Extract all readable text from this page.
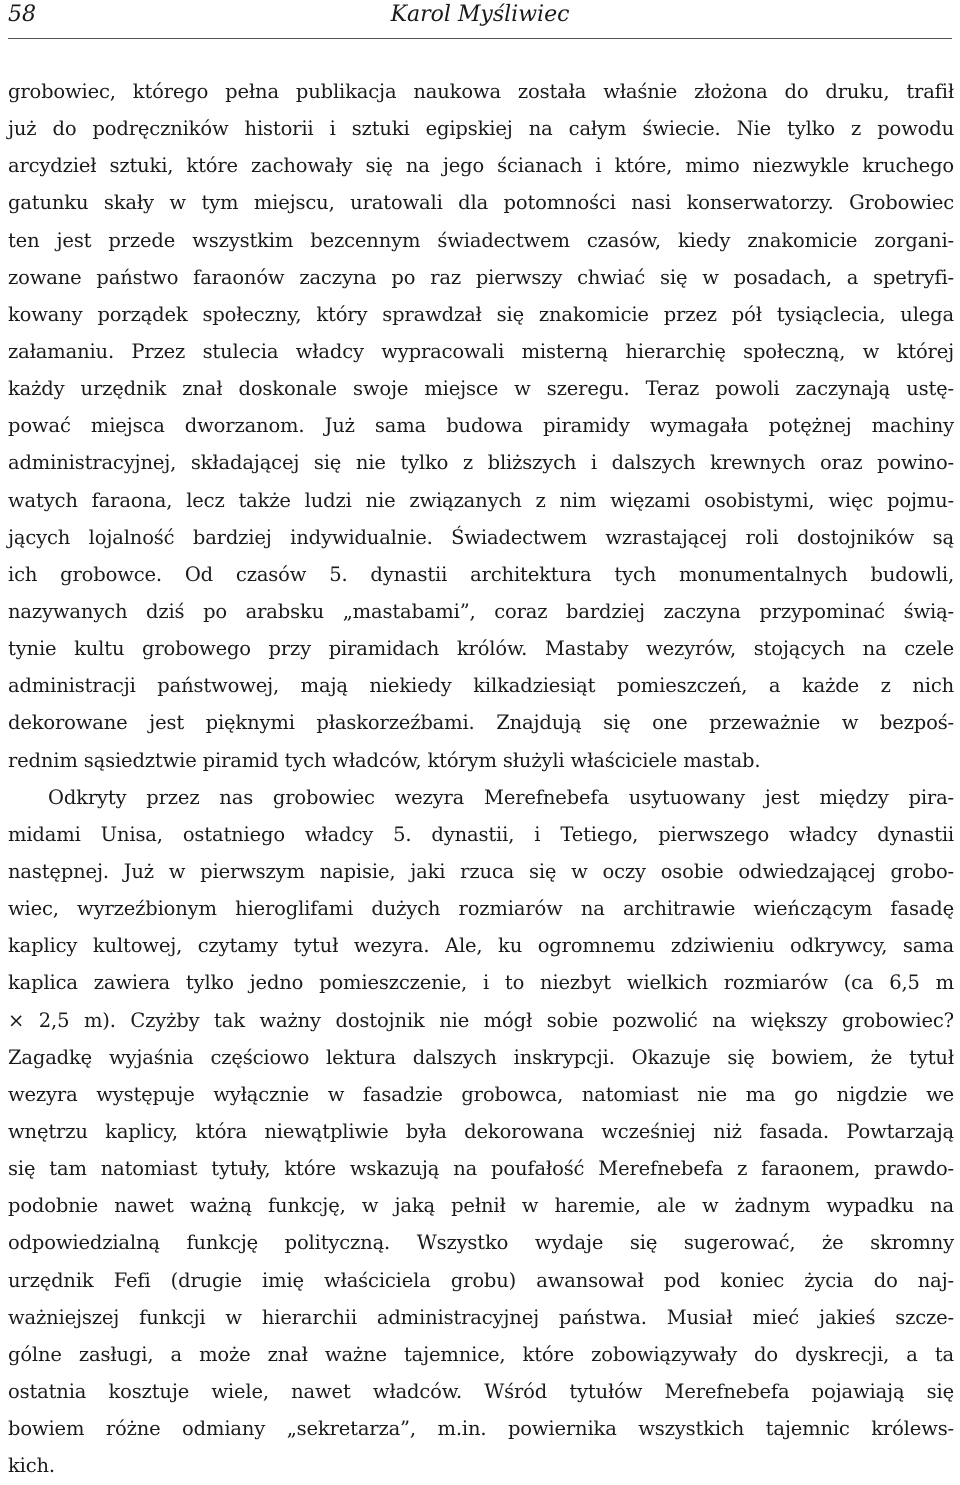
58	Karol Myśliwiec
grobowiec, którego pełna publikacja naukowa została właśnie złożona do druku, trafił
już do podręczników historii i sztuki egipskiej na całym świecie. Nie tylko z powodu
arcydzieł sztuki, które zachowały się na jego ścianach i które, mimo niezwykle kruchego
gatunku skały w tym miejscu, uratowali dla potomności nasi konserwatorzy. Grobowiec
ten jest przede wszystkim bezcennym świadectwem czasów, kiedy znakomicie zorgani-
zowane państwo faraonów zaczyna po raz pierwszy chwiać się w posadach, a spetryfi-
kowany porządek społeczny, który sprawdzał się znakomicie przez pół tysiąclecia, ulega
załamaniu. Przez stulecia władcy wypracowali misterną hierarchię społeczną, w której
każdy urzędnik znał doskonale swoje miejsce w szeregu. Teraz powoli zaczynają ustę-
pować miejsca dworzanom. Już sama budowa piramidy wymagała potężnej machiny
administracyjnej, składającej się nie tylko z bliższych i dalszych krewnych oraz powino-
watych faraona, lecz także ludzi nie związanych z nim więzami osobistymi, więc pojmu-
jących lojalność bardziej indywidualnie. Świadectwem wzrastającej roli dostojników są
ich grobowce. Od czasów 5. dynastii architektura tych monumentalnych budowli,
nazywanych dziś po arabsku „mastabami”, coraz bardziej zaczyna przypominać świą-
tynie kultu grobowego przy piramidach królów. Mastaby wezyrów, stojących na czele
administracji państwowej, mają niekiedy kilkadziesiąt pomieszczeń, a każde z nich
dekorowane jest pięknymi płaskorzeźbami. Znajdują się one przeważnie w bezpoś-
rednim sąsiedztwie piramid tych władców, którym służyli właściciele mastab.
Odkryty przez nas grobowiec wezyra Merefnebefa usytuowany jest między pira-
midami Unisa, ostatniego władcy 5. dynastii, i Tetiego, pierwszego władcy dynastii
następnej. Już w pierwszym napisie, jaki rzuca się w oczy osobie odwiedzającej grobo-
wiec, wyrzeźbionym hieroglifami dużych rozmiarów na architrawie wieńczącym fasadę
kaplicy kultowej, czytamy tytuł wezyra. Ale, ku ogromnemu zdziwieniu odkrywcy, sama
kaplica zawiera tylko jedno pomieszczenie, i to niezbyt wielkich rozmiarów (ca 6,5 m
× 2,5 m). Czyżby tak ważny dostojnik nie mógł sobie pozwolić na większy grobowiec?
Zagadkę wyjaśnia częściowo lektura dalszych inskrypcji. Okazuje się bowiem, że tytuł
wezyra występuje wyłącznie w fasadzie grobowca, natomiast nie ma go nigdzie we
wnętrzu kaplicy, która niewątpliwie była dekorowana wcześniej niż fasada. Powtarzają
się tam natomiast tytuły, które wskazują na poufałość Merefnebefa z faraonem, prawdo-
podobnie nawet ważną funkcję, w jaką pełnił w haremie, ale w żadnym wypadku na
odpowiedzialną funkcję polityczną. Wszystko wydaje się sugerować, że skromny
urzędnik Fefi (drugie imię właściciela grobu) awansował pod koniec życia do naj-
ważniejszej funkcji w hierarchii administracyjnej państwa. Musiał mieć jakieś szcze-
gólne zasługi, a może znał ważne tajemnice, które zobowiązywały do dyskrecji, a ta
ostatnia kosztuje wiele, nawet władców. Wśród tytułów Merefnebefa pojawiają się
bowiem różne odmiany „sekretarza”, m.in. powiernika wszystkich tajemnic królews-
kich.
